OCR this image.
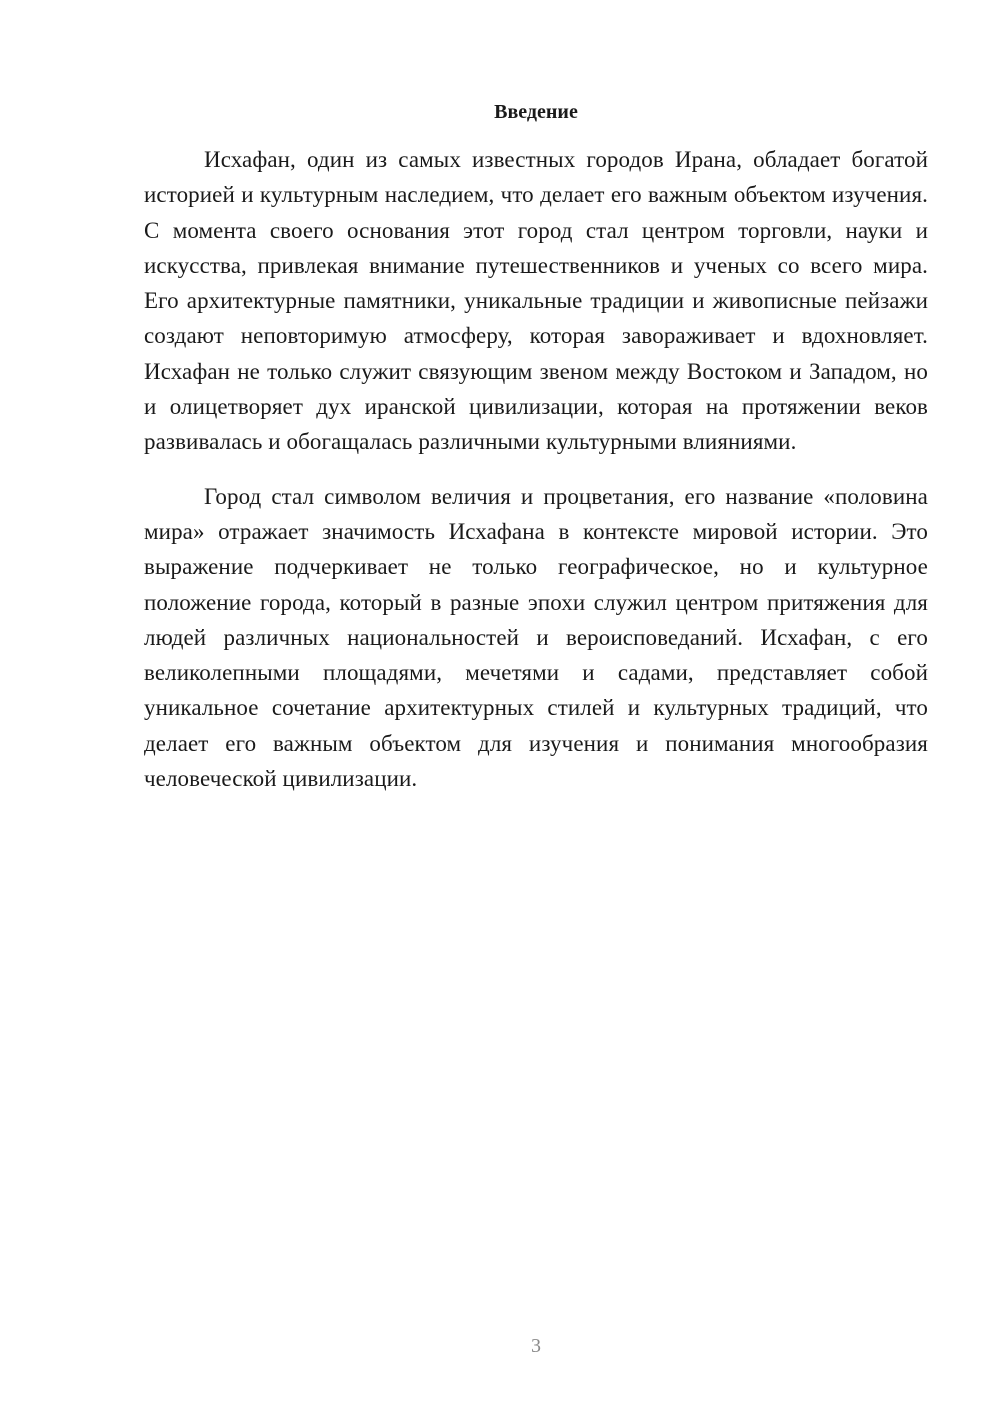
Введение

Исхафан, один из самых известных городов Ирана, обладает богатой историей и культурным наследием, что делает его важным объектом изучения. С момента своего основания этот город стал центром торговли, науки и искусства, привлекая внимание путешественников и ученых со всего мира. Его архитектурные памятники, уникальные традиции и живописные пейзажи создают неповторимую атмосферу, которая завораживает и вдохновляет. Исхафан не только служит связующим звеном между Востоком и Западом, но и олицетворяет дух иранской цивилизации, которая на протяжении веков развивалась и обогащалась различными культурными влияниями.

Город стал символом величия и процветания, его название «половина мира» отражает значимость Исхафана в контексте мировой истории. Это выражение подчеркивает не только географическое, но и культурное положение города, который в разные эпохи служил центром притяжения для людей различных национальностей и вероисповеданий. Исхафан, с его великолепными площадями, мечетями и садами, представляет собой уникальное сочетание архитектурных стилей и культурных традиций, что делает его важным объектом для изучения и понимания многообразия человеческой цивилизации.

3
